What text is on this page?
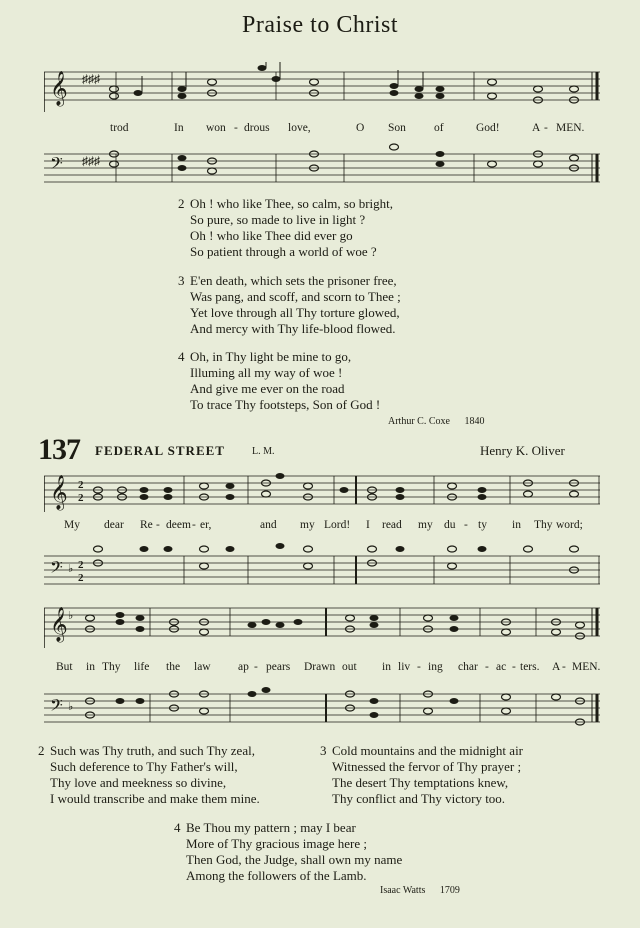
Praise to Christ
𝄞 ♯♯♯
trod	In won - drous love,	O Son of	God!	A - MEN.
𝄢 ♯♯♯
2 Oh ! who like Thee, so calm, so bright,
So pure, so made to live in light ?
Oh ! who like Thee did ever go
So patient through a world of woe ?
3 E'en death, which sets the prisoner free,
Was pang, and scoff, and scorn to Thee ;
Yet love through all Thy torture glowed,
And mercy with Thy life-blood flowed.
4 Oh, in Thy light be mine to go,
Illuming all my way of woe !
And give me ever on the road
To trace Thy footsteps, Son of God !
Arthur C. Coxe 1840
137 FEDERAL STREET	L. M.	Henry K. Oliver
𝄞 2
2
My dear Re - deem - er,	and my Lord! I read my du - ty in Thy word;
𝄢 ♭ 2
2
𝄞 ♭
But in Thy life the law ap - pears Drawn out in liv - ing char - ac - ters. A - MEN.
𝄢 ♭
2 Such was Thy truth, and such Thy zeal,
Such deference to Thy Father's will,
Thy love and meekness so divine,
I would transcribe and make them mine.
3 Cold mountains and the midnight air
Witnessed the fervor of Thy prayer ;
The desert Thy temptations knew,
Thy conflict and Thy victory too.
4 Be Thou my pattern ; may I bear
More of Thy gracious image here ;
Then God, the Judge, shall own my name
Among the followers of the Lamb.
Isaac Watts 1709
